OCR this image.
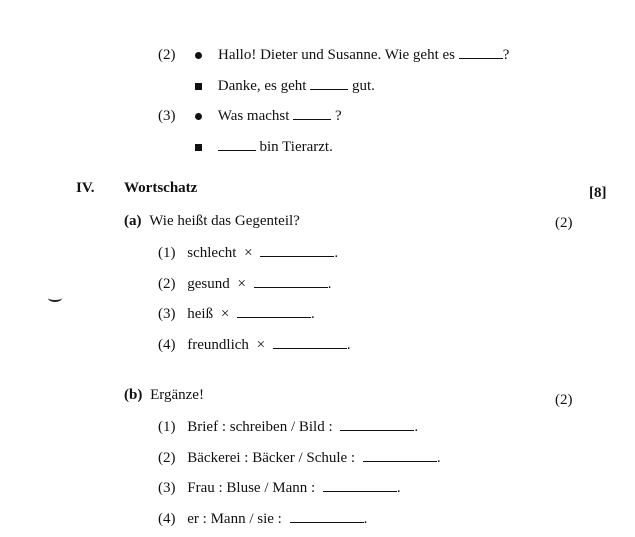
(2)	Hallo! Dieter und Susanne. Wie geht es	?
Danke, es geht	gut.
(3)	Was machst	?
bin Tierarzt.
IV. Wortschatz	[8]
(a) Wie heißt das Gegenteil?	(2)
(1) schlecht ×	.
(2) gesund ×	.
(3) heiß ×	.
(4) freundlich ×	.
(b) Ergänze!	(2)
(1) Brief : schreiben / Bild :	.
(2) Bäckerei : Bäcker / Schule :	.
(3) Frau : Bluse / Mann :	.
(4) er : Mann / sie :	.
